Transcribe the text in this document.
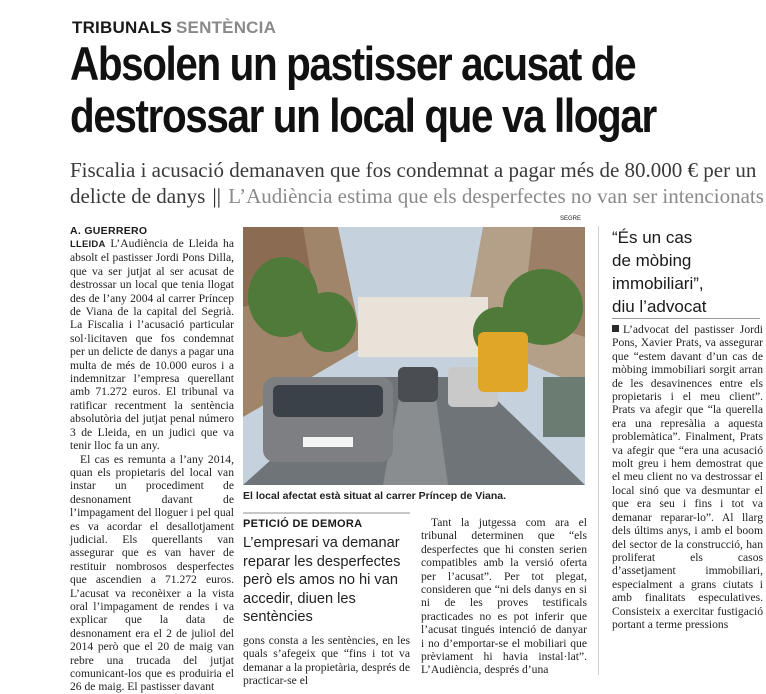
TRIBUNALS SENTÈNCIA
Absolen un pastisser acusat de destrossar un local que va llogar
Fiscalia i acusació demanaven que fos condemnat a pagar més de 80.000 € per un delicte de danys || L’Audiència estima que els desperfectes no van ser intencionats
A. GUERRERO

LLEIDA L’Audiència de Lleida ha absolt el pastisser Jordi Pons Dilla, que va ser jutjat al ser acusat de destrossar un local que tenia llogat des de l’any 2004 al carrer Príncep de Viana de la capital del Segrià. La Fiscalia i l’acusació particular sol·licitaven que fos condemnat per un delicte de danys a pagar una multa de més de 10.000 euros i a indemnitzar l’empresa querellant amb 71.272 euros. El tribunal va ratificar recentment la sentència absolutòria del jutjat penal número 3 de Lleida, en un judici que va tenir lloc fa un any.

El cas es remunta a l’any 2014, quan els propietaris del local van instar un procediment de desnonament davant de l’impagament del lloguer i pel qual es va acordar el desallotjament judicial. Els querellants van assegurar que es van haver de restituir nombrosos desperfectes que ascendien a 71.272 euros. L’acusat va reconèixer a la vista oral l’impagament de rendes i va explicar que la data de desnonament era el 2 de juliol del 2014 però que el 20 de maig van rebre una trucada del jutjat comunicant-los que es produiria el 26 de maig. El pastisser davant

SEGRE
El local afectat està situat al carrer Príncep de Viana.
PETICIÓ DE DEMORA
L’empresari va demanar reparar les desperfectes però els amos no hi van accedir, diuen les sentències
gons consta a les sentències, en les quals s’afegeix que “fins i tot va demanar a la propietària, després de practicar-se el

Tant la jutgessa com ara el tribunal determinen que “els desperfectes que hi consten serien compatibles amb la versió oferta per l’acusat”. Per tot plegat, consideren que “ni dels danys en si ni de les proves testificals practicades no es pot inferir que l’acusat tingués intenció de danyar i no d’emportar-se el mobiliari que prèviament hi havia instal·lat”. L’Audiència, després d’una

“És un cas
de mòbing
immobiliari”,
diu l’advocat
L’advocat del pastisser Jordi Pons, Xavier Prats, va assegurar que “estem davant d’un cas de mòbing immobiliari sorgit arran de les desavinences entre els propietaris i el meu client”. Prats va afegir que “la querella era una represàlia a aquesta problemàtica”. Finalment, Prats va afegir que “era una acusació molt greu i hem demostrat que el meu client no va destrossar el local sinó que va desmuntar el que era seu i fins i tot va demanar reparar-lo”. Al llarg dels últims anys, i amb el boom del sector de la construcció, han proliferat els casos d’assetjament immobiliari, especialment a grans ciutats i amb finalitats especulatives. Consisteix a exercitar fustigació portant a terme pressions
